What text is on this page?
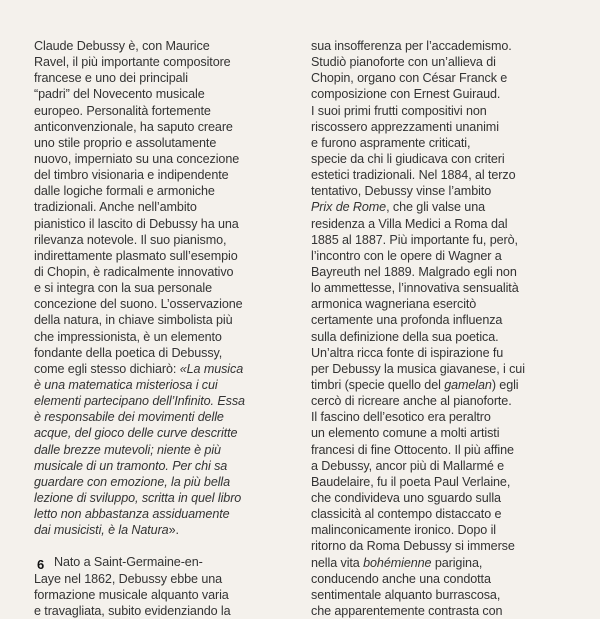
Claude Debussy è, con Maurice
Ravel, il più importante compositore
francese e uno dei principali
“padri” del Novecento musicale
europeo. Personalità fortemente
anticonvenzionale, ha saputo creare
uno stile proprio e assolutamente
nuovo, imperniato su una concezione
del timbro visionaria e indipendente
dalle logiche formali e armoniche
tradizionali. Anche nell’ambito
pianistico il lascito di Debussy ha una
rilevanza notevole. Il suo pianismo,
indirettamente plasmato sull’esempio
di Chopin, è radicalmente innovativo
e si integra con la sua personale
concezione del suono. L’osservazione
della natura, in chiave simbolista più
che impressionista, è un elemento
fondante della poetica di Debussy,
come egli stesso dichiarò: «La musica
è una matematica misteriosa i cui
elementi partecipano dell’Infinito. Essa
è responsabile dei movimenti delle
acque, del gioco delle curve descritte
dalle brezze mutevoli; niente è più
musicale di un tramonto. Per chi sa
guardare con emozione, la più bella
lezione di sviluppo, scritta in quel libro
letto non abbastanza assiduamente
dai musicisti, è la Natura».
Nato a Saint-Germaine-en-
Laye nel 1862, Debussy ebbe una
formazione musicale alquanto varia
e travagliata, subito evidenziando la
sua insofferenza per l’accademismo.
Studiò pianoforte con un’allieva di
Chopin, organo con César Franck e
composizione con Ernest Guiraud.
I suoi primi frutti compositivi non
riscossero apprezzamenti unanimi
e furono aspramente criticati,
specie da chi li giudicava con criteri
estetici tradizionali. Nel 1884, al terzo
tentativo, Debussy vinse l’ambito
Prix de Rome, che gli valse una
residenza a Villa Medici a Roma dal
1885 al 1887. Più importante fu, però,
l’incontro con le opere di Wagner a
Bayreuth nel 1889. Malgrado egli non
lo ammettesse, l’innovativa sensualità
armonica wagneriana esercitò
certamente una profonda influenza
sulla definizione della sua poetica.
Un’altra ricca fonte di ispirazione fu
per Debussy la musica giavanese, i cui
timbri (specie quello del gamelan) egli
cercò di ricreare anche al pianoforte.
Il fascino dell’esotico era peraltro
un elemento comune a molti artisti
francesi di fine Ottocento. Il più affine
a Debussy, ancor più di Mallarmé e
Baudelaire, fu il poeta Paul Verlaine,
che condivideva uno sguardo sulla
classicità al contempo distaccato e
malinconicamente ironico. Dopo il
ritorno da Roma Debussy si immerse
nella vita bohémienne parigina,
conducendo anche una condotta
sentimentale alquanto burrascosa,
che apparentemente contrasta con
6
